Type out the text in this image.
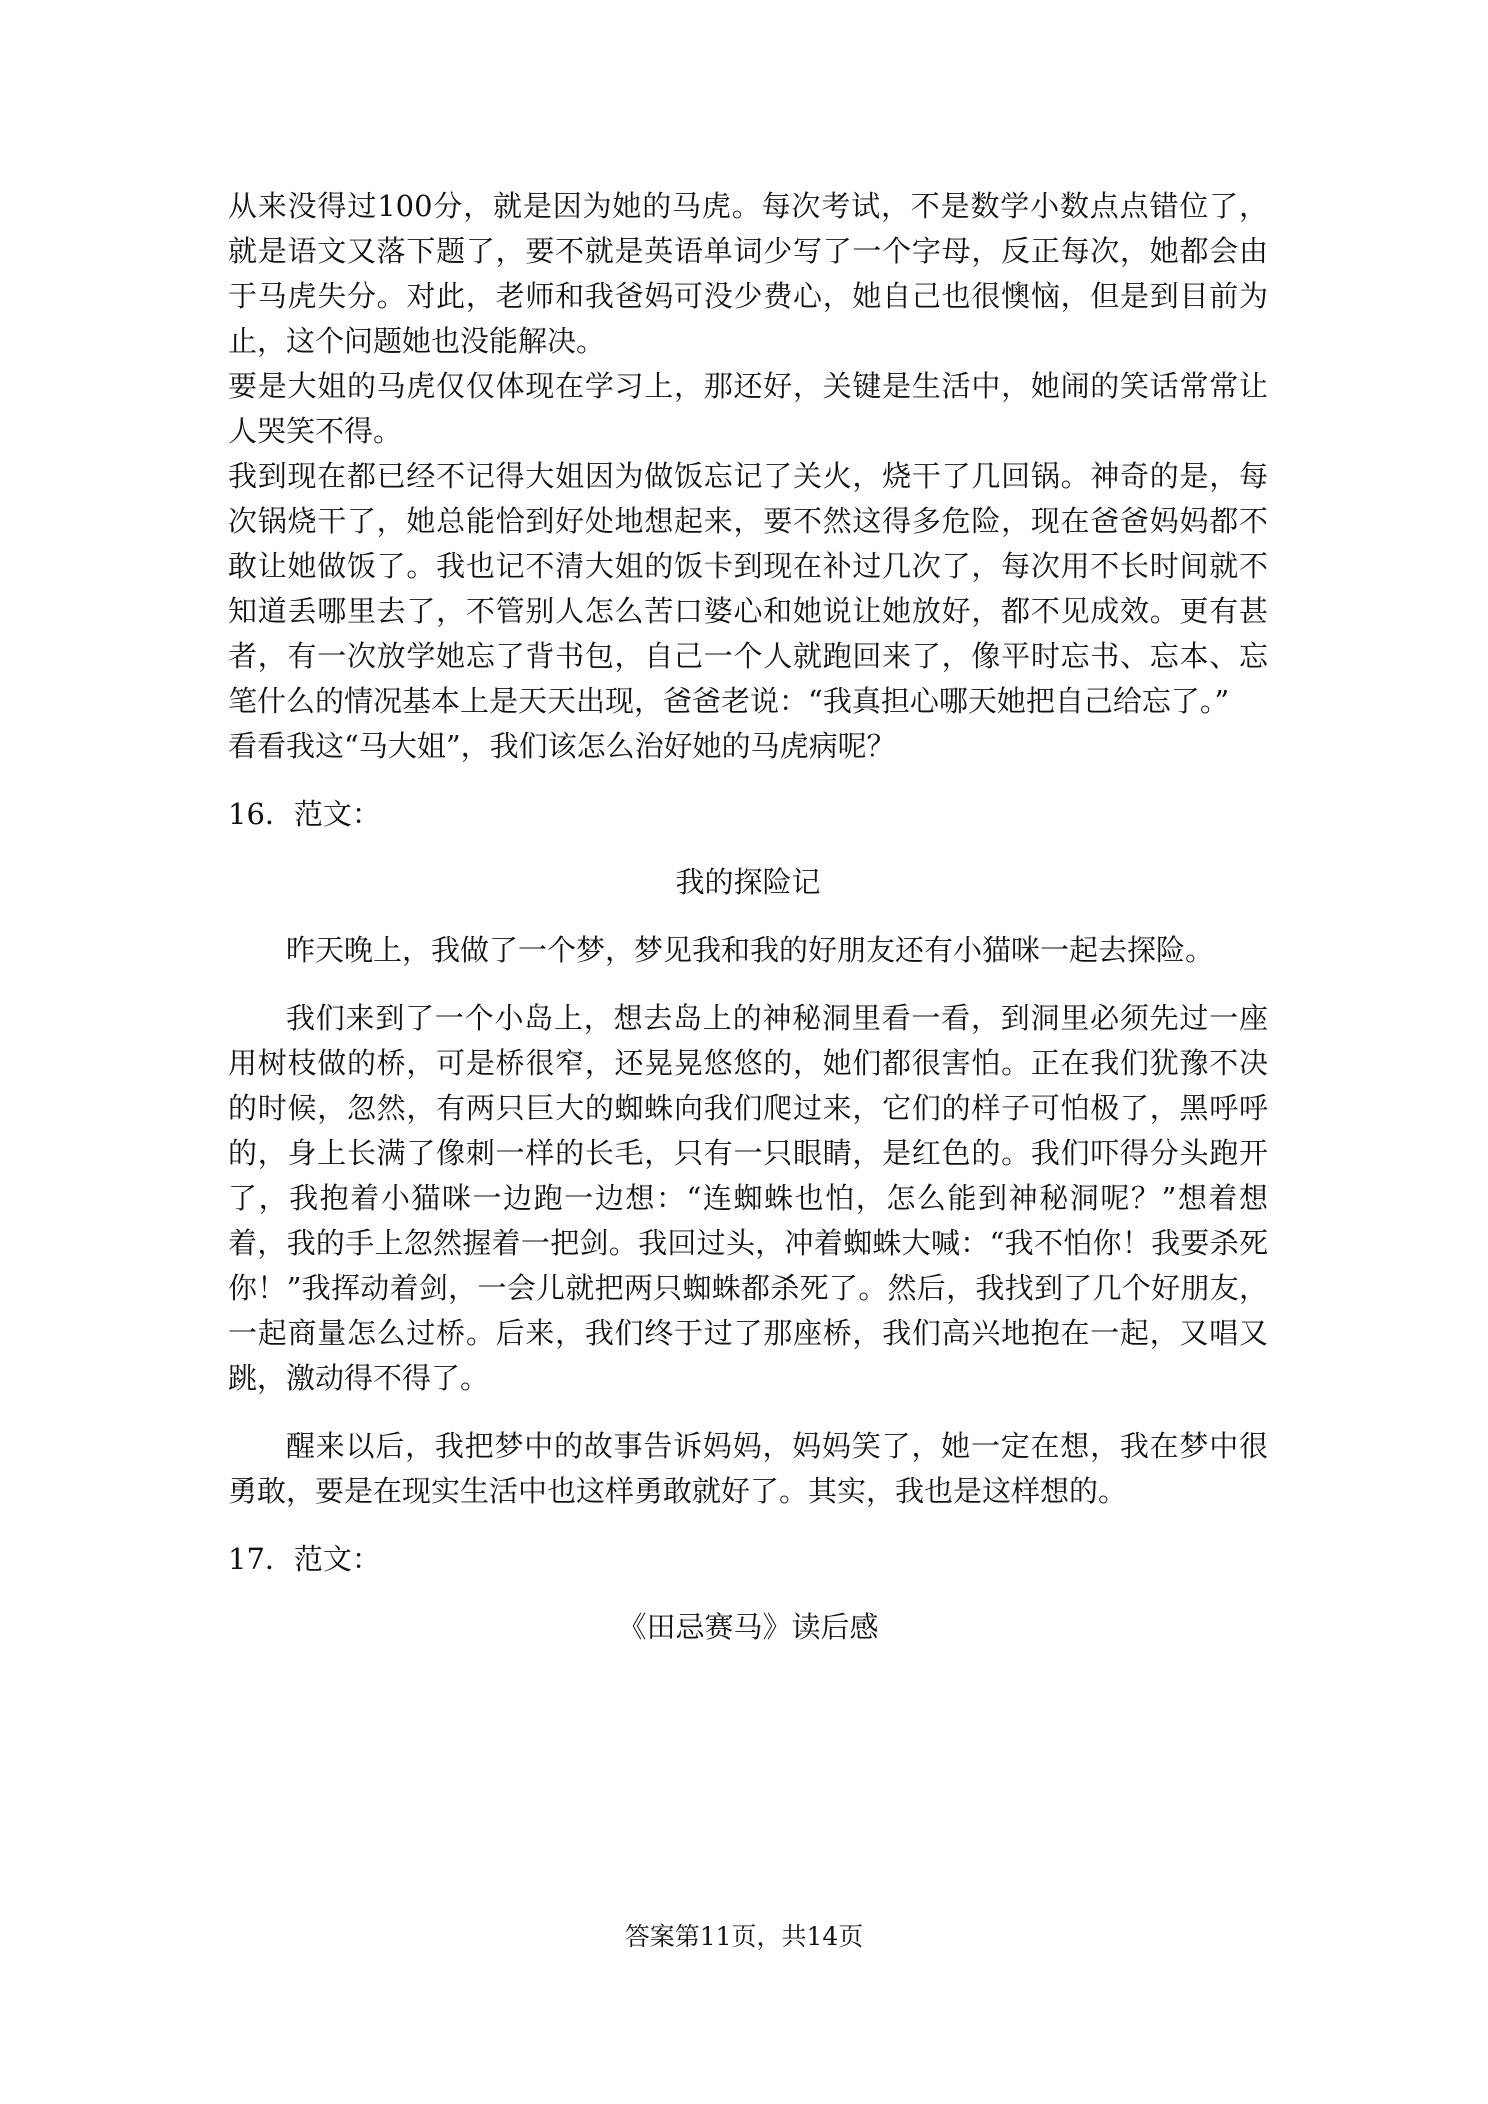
从来没得过100分，就是因为她的马虎。每次考试，不是数学小数点点错位了，就是语文又落下题了，要不就是英语单词少写了一个字母，反正每次，她都会由于马虎失分。对此，老师和我爸妈可没少费心，她自己也很懊恼，但是到目前为止，这个问题她也没能解决。

要是大姐的马虎仅仅体现在学习上，那还好，关键是生活中，她闹的笑话常常让人哭笑不得。

我到现在都已经不记得大姐因为做饭忘记了关火，烧干了几回锅。神奇的是，每次锅烧干了，她总能恰到好处地想起来，要不然这得多危险，现在爸爸妈妈都不敢让她做饭了。我也记不清大姐的饭卡到现在补过几次了，每次用不长时间就不知道丢哪里去了，不管别人怎么苦口婆心和她说让她放好，都不见成效。更有甚者，有一次放学她忘了背书包，自己一个人就跑回来了，像平时忘书、忘本、忘笔什么的情况基本上是天天出现，爸爸老说：“我真担心哪天她把自己给忘了。”

看看我这“马大姐”，我们该怎么治好她的马虎病呢？

16．范文：

我的探险记

昨天晚上，我做了一个梦，梦见我和我的好朋友还有小猫咪一起去探险。

我们来到了一个小岛上，想去岛上的神秘洞里看一看，到洞里必须先过一座用树枝做的桥，可是桥很窄，还晃晃悠悠的，她们都很害怕。正在我们犹豫不决的时候，忽然，有两只巨大的蜘蛛向我们爬过来，它们的样子可怕极了，黑呼呼的，身上长满了像刺一样的长毛，只有一只眼睛，是红色的。我们吓得分头跑开了，我抱着小猫咪一边跑一边想：“连蜘蛛也怕，怎么能到神秘洞呢？”想着想着，我的手上忽然握着一把剑。我回过头，冲着蜘蛛大喊：“我不怕你！我要杀死你！”我挥动着剑，一会儿就把两只蜘蛛都杀死了。然后，我找到了几个好朋友，一起商量怎么过桥。后来，我们终于过了那座桥，我们高兴地抱在一起，又唱又跳，激动得不得了。

醒来以后，我把梦中的故事告诉妈妈，妈妈笑了，她一定在想，我在梦中很勇敢，要是在现实生活中也这样勇敢就好了。其实，我也是这样想的。

17．范文：

《田忌赛马》读后感

答案第11页，共14页
